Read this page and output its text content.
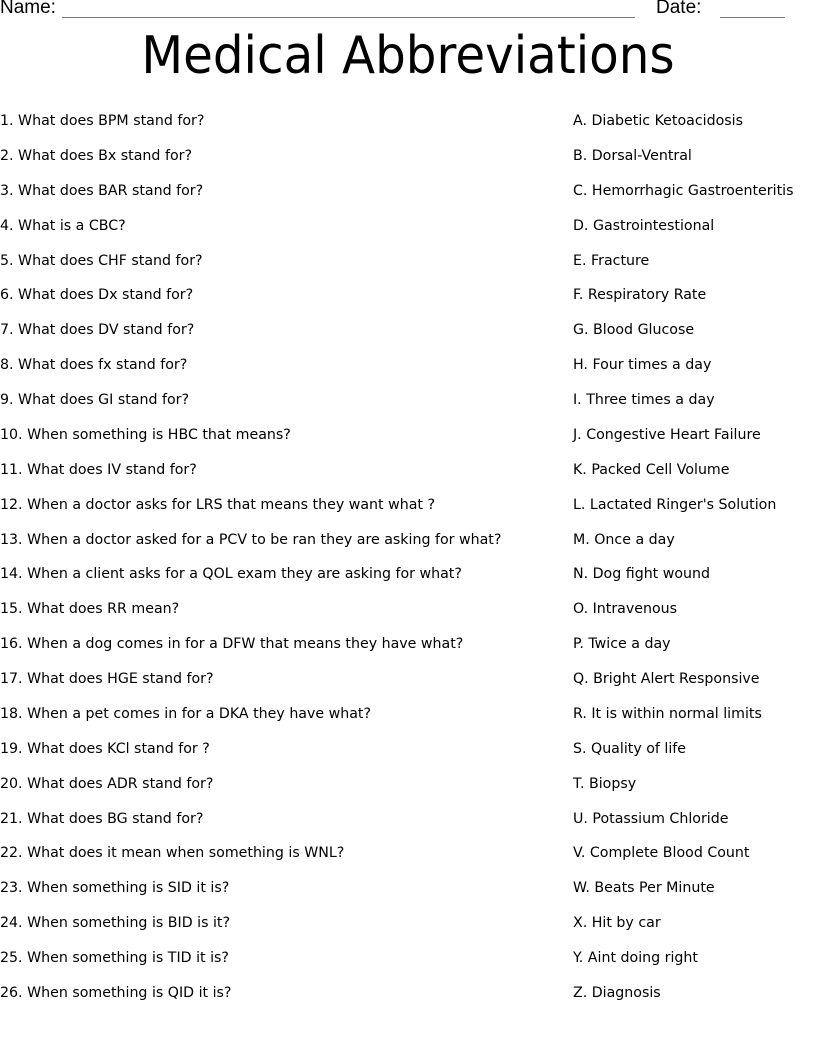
Name:	Date:
Medical Abbreviations
1. What does BPM stand for?	A. Diabetic Ketoacidosis
2. What does Bx stand for?	B. Dorsal-Ventral
3. What does BAR stand for?	C. Hemorrhagic Gastroenteritis
4. What is a CBC?	D. Gastrointestional
5. What does CHF stand for?	E. Fracture
6. What does Dx stand for?	F. Respiratory Rate
7. What does DV stand for?	G. Blood Glucose
8. What does fx stand for?	H. Four times a day
9. What does GI stand for?	I. Three times a day
10. When something is HBC that means?	J. Congestive Heart Failure
11. What does IV stand for?	K. Packed Cell Volume
12. When a doctor asks for LRS that means they want what ?	L. Lactated Ringer's Solution
13. When a doctor asked for a PCV to be ran they are asking for what?	M. Once a day
14. When a client asks for a QOL exam they are asking for what?	N. Dog fight wound
15. What does RR mean?	O. Intravenous
16. When a dog comes in for a DFW that means they have what?	P. Twice a day
17. What does HGE stand for?	Q. Bright Alert Responsive
18. When a pet comes in for a DKA they have what?	R. It is within normal limits
19. What does KCl stand for ?	S. Quality of life
20. What does ADR stand for?	T. Biopsy
21. What does BG stand for?	U. Potassium Chloride
22. What does it mean when something is WNL?	V. Complete Blood Count
23. When something is SID it is?	W. Beats Per Minute
24. When something is BID is it?	X. Hit by car
25. When something is TID it is?	Y. Aint doing right
26. When something is QID it is?	Z. Diagnosis
